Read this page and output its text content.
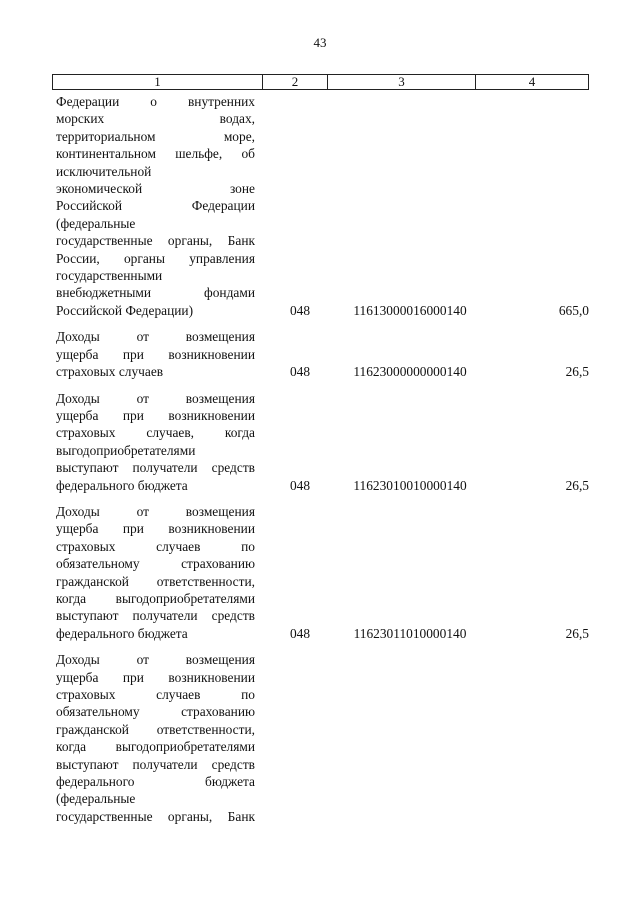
43
1	2	3	4
Федерации о внутренних
морских водах,
территориальном море,
континентальном шельфе, об
исключительной
экономической зоне
Российской Федерации
(федеральные
государственные органы, Банк
России, органы управления
государственными
внебюджетными фондами
Российской Федерации)	048	11613000016000140	665,0
Доходы от возмещения
ущерба при возникновении
страховых случаев	048	11623000000000140	26,5
Доходы от возмещения
ущерба при возникновении
страховых случаев, когда
выгодоприобретателями
выступают получатели средств
федерального бюджета	048	11623010010000140	26,5
Доходы от возмещения
ущерба при возникновении
страховых случаев по
обязательному страхованию
гражданской ответственности,
когда выгодоприобретателями
выступают получатели средств
федерального бюджета	048	11623011010000140	26,5
Доходы от возмещения
ущерба при возникновении
страховых случаев по
обязательному страхованию
гражданской ответственности,
когда выгодоприобретателями
выступают получатели средств
федерального бюджета
(федеральные
государственные органы, Банк
